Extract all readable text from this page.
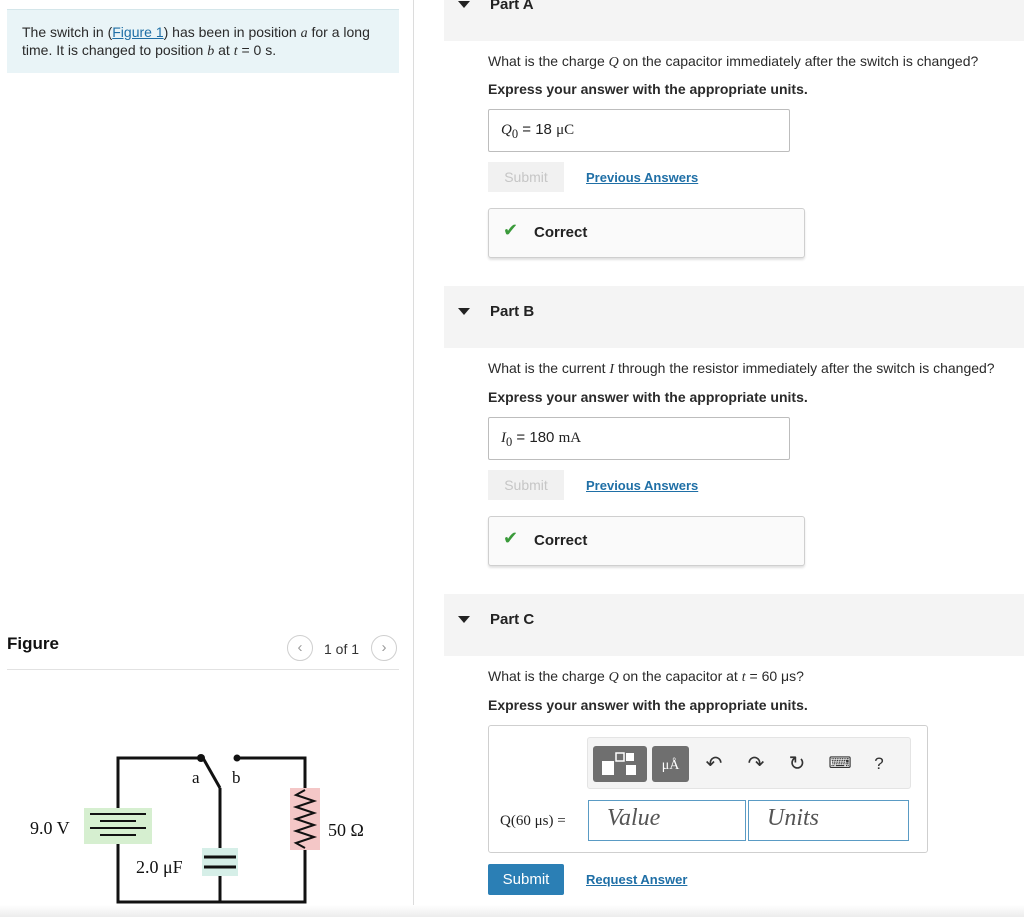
The switch in (Figure 1) has been in position a for a long time. It is changed to position b at t = 0 s.
Figure	‹	1 of 1	›
a b
9.0 V
2.0 μF
50 Ω
Part A
What is the charge Q on the capacitor immediately after the switch is changed?
Express your answer with the appropriate units.
$Q_0 = 18$ μC
Submit	Previous Answers
✔ Correct
Part B
What is the current I through the resistor immediately after the switch is changed?
Express your answer with the appropriate units.
$I_0 = 180$ mA
Submit	Previous Answers
✔ Correct
Part C
What is the charge Q on the capacitor at t = 60 μs?
Express your answer with the appropriate units.
μÅ	↶ ↷ ↻ ⌨	?
Q(60 μs) =	Value	Units
Submit	Request Answer
